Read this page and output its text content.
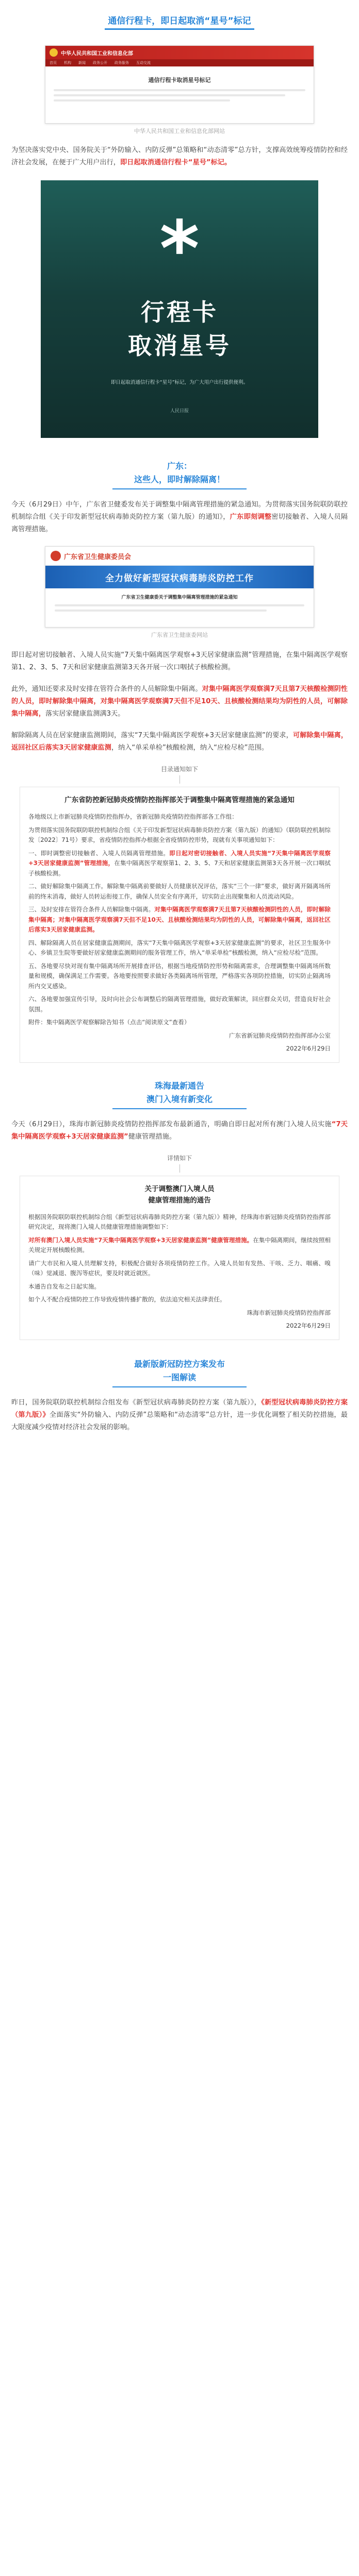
通信行程卡，即日起取消“星号”标记
中华人民共和国工业和信息化部
首页 机构 新闻 政务公开 政务服务 互动交流
通信行程卡取消星号标记

中华人民共和国工业和信息化部网站

为坚决落实党中央、国务院关于“外防输入、内防反弹”总策略和“动态清零”总方针，支撑高效统筹疫情防控和经济社会发展，在便于广大用户出行，即日起取消通信行程卡“星号”标记。

*
行程卡
取消星号
即日起取消通信行程卡“星号”标记，为广大用户出行提供便利。
人民日报
广东：
这些人，即时解除隔离！

今天（6月29日）中午，广东省卫健委发布关于调整集中隔离管理措施的紧急通知。为贯彻落实国务院联防联控机制综合组《关于印发新型冠状病毒肺炎防控方案（第九版）的通知》，广东即刻调整密切接触者、入境人员隔离管理措施。

广东省卫生健康委员会
全力做好新型冠状病毒肺炎防控工作
广东省卫生健康委关于调整集中隔离管理措施的紧急通知

广东省卫生健康委网站

即日起对密切接触者、入境人员实施“7天集中隔离医学观察+3天居家健康监测”管理措施，在集中隔离医学观察第1、2、3、5、7天和居家健康监测第3天各开展一次口咽拭子核酸检测。

此外，通知还要求及时安排在管符合条件的人员解除集中隔离。对集中隔离医学观察满7天且第7天核酸检测阴性的人员，即时解除集中隔离，对集中隔离医学观察满7天但不足10天、且核酸检测结果均为阴性的人员，可解除集中隔离，落实居家健康监测满3天。

解除隔离人员在居家健康监测期间，落实“7天集中隔离医学观察+3天居家健康监测”的要求，可解除集中隔离，返回社区后落实3天居家健康监测，纳入“单采单检”核酸检测，纳入“应检尽检”范围。

目录通知如下

广东省防控新冠肺炎疫情防控指挥部关于调整集中隔离管理措施的紧急通知

各地级以上市新冠肺炎疫情防控指挥办，省新冠肺炎疫情防控指挥部各工作组：

为贯彻落实国务院联防联控机制综合组《关于印发新型冠状病毒肺炎防控方案（第九版）的通知》（联防联控机制综发〔2022〕71号）要求，省疫情防控指挥办根据全省疫情防控形势，现就有关事项通知如下：

一、即时调整密切接触者、入境人员隔离管理措施。即日起对密切接触者、入境人员实施“7天集中隔离医学观察+3天居家健康监测”管理措施，在集中隔离医学观察第1、2、3、5、7天和居家健康监测第3天各开展一次口咽拭子核酸检测。

二、做好解除集中隔离工作。解除集中隔离前要做好人员健康状况评估，落实“三个一律”要求，做好离开隔离场所前的终末消毒，做好人员转运衔接工作，确保人员安全有序离开，切实防止出现聚集和人员流动风险。

三、及时安排在管符合条件人员解除集中隔离。对集中隔离医学观察满7天且第7天核酸检测阴性的人员，即时解除集中隔离；对集中隔离医学观察满7天但不足10天、且核酸检测结果均为阴性的人员，可解除集中隔离，返回社区后落实3天居家健康监测。

四、解除隔离人员在居家健康监测期间，落实“7天集中隔离医学观察+3天居家健康监测”的要求，社区卫生服务中心、乡镇卫生院等要做好居家健康监测期间的服务管理工作，纳入“单采单检”核酸检测，纳入“应检尽检”范围。

五、各地要尽快对现有集中隔离场所开展排查评估，根据当地疫情防控形势和隔离需求，合理调整集中隔离场所数量和规模，确保满足工作需要。各地要按照要求做好各类隔离场所管理，严格落实各项防控措施，切实防止隔离场所内交叉感染。

六、各地要加强宣传引导，及时向社会公布调整后的隔离管理措施，做好政策解读，回应群众关切，营造良好社会氛围。

附件：集中隔离医学观察解除告知书（点击“阅读原文”查看）

广东省新冠肺炎疫情防控指挥部办公室

2022年6月29日

珠海最新通告
澳门入境有新变化

今天（6月29日），珠海市新冠肺炎疫情防控指挥部发布最新通告，明确自即日起对所有澳门入境人员实施“7天集中隔离医学观察+3天居家健康监测”健康管理措施。

详情如下

关于调整澳门入境人员
健康管理措施的通告

根据国务院联防联控机制综合组《新型冠状病毒肺炎防控方案（第九版）》精神，经珠海市新冠肺炎疫情防控指挥部研究决定，现将澳门入境人员健康管理措施调整如下：

对所有澳门入境人员实施“7天集中隔离医学观察+3天居家健康监测”健康管理措施。在集中隔离期间，继续按照相关规定开展核酸检测。

请广大市民和入境人员理解支持，积极配合做好各项疫情防控工作。入境人员如有发热、干咳、乏力、咽痛、嗅（味）觉减退、腹泻等症状，要及时就近就医。

本通告自发布之日起实施。

如个人不配合疫情防控工作导致疫情传播扩散的，依法追究相关法律责任。

珠海市新冠肺炎疫情防控指挥部

2022年6月29日

最新版新冠防控方案发布
一图解读

昨日，国务院联防联控机制综合组发布《新型冠状病毒肺炎防控方案（第九版）》，《新型冠状病毒肺炎防控方案（第九版）》全面落实“外防输入、内防反弹”总策略和“动态清零”总方针，进一步优化调整了相关防控措施，最大限度减少疫情对经济社会发展的影响。
